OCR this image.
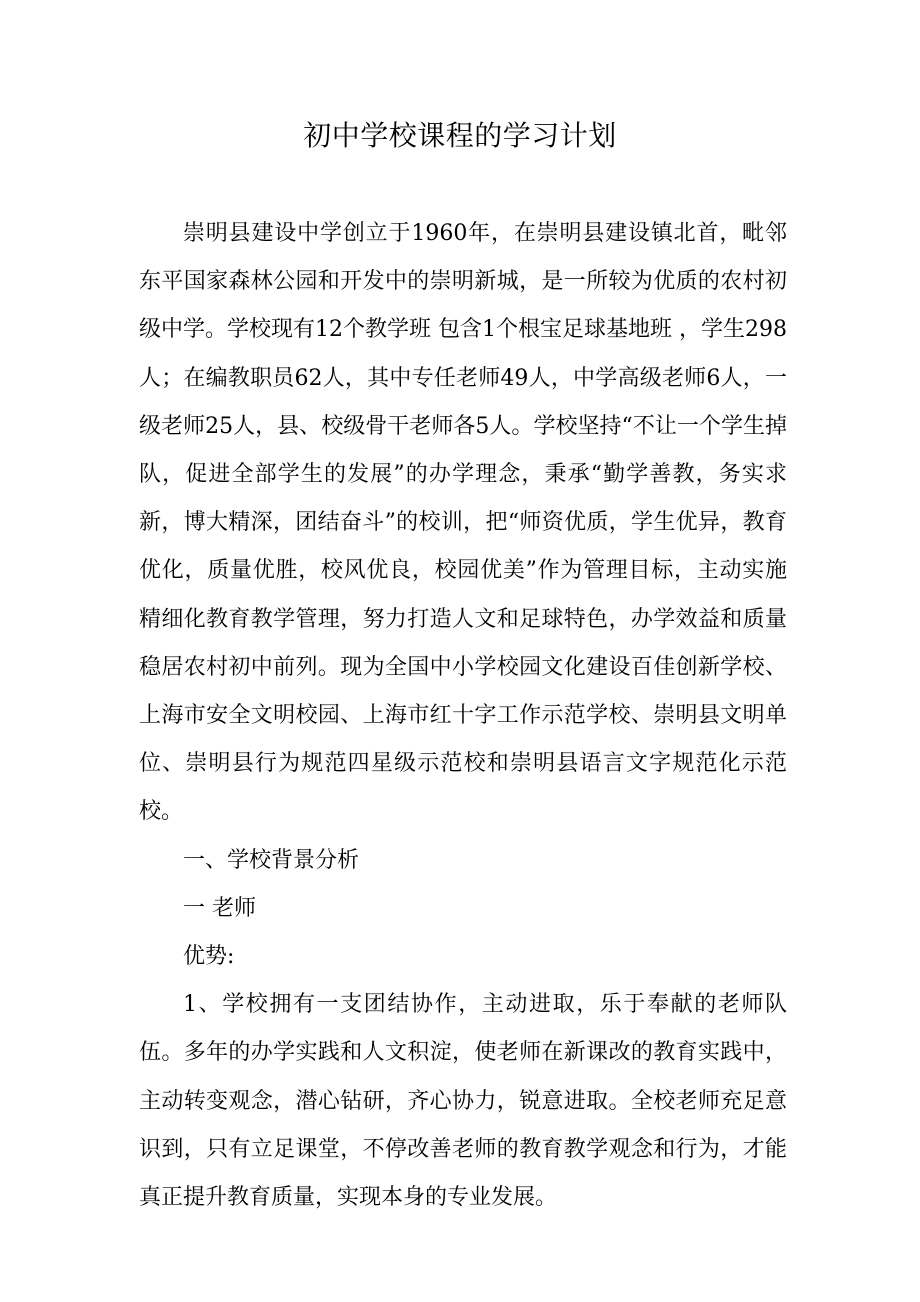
初中学校课程的学习计划

崇明县建设中学创立于1960年，在崇明县建设镇北首，毗邻东平国家森林公园和开发中的崇明新城，是一所较为优质的农村初级中学。学校现有12个教学班 包含1个根宝足球基地班 ，学生298人；在编教职员62人，其中专任老师49人，中学高级老师6人，一级老师25人，县、校级骨干老师各5人。学校坚持“不让一个学生掉队，促进全部学生的发展”的办学理念，秉承“勤学善教，务实求新，博大精深，团结奋斗”的校训，把“师资优质，学生优异，教育优化，质量优胜，校风优良，校园优美”作为管理目标，主动实施精细化教育教学管理，努力打造人文和足球特色，办学效益和质量稳居农村初中前列。现为全国中小学校园文化建设百佳创新学校、上海市安全文明校园、上海市红十字工作示范学校、崇明县文明单位、崇明县行为规范四星级示范校和崇明县语言文字规范化示范校。

一、学校背景分析

一 老师

优势:

1、学校拥有一支团结协作，主动进取，乐于奉献的老师队伍。多年的办学实践和人文积淀，使老师在新课改的教育实践中，主动转变观念，潜心钻研，齐心协力，锐意进取。全校老师充足意识到，只有立足课堂，不停改善老师的教育教学观念和行为，才能真正提升教育质量，实现本身的专业发展。
